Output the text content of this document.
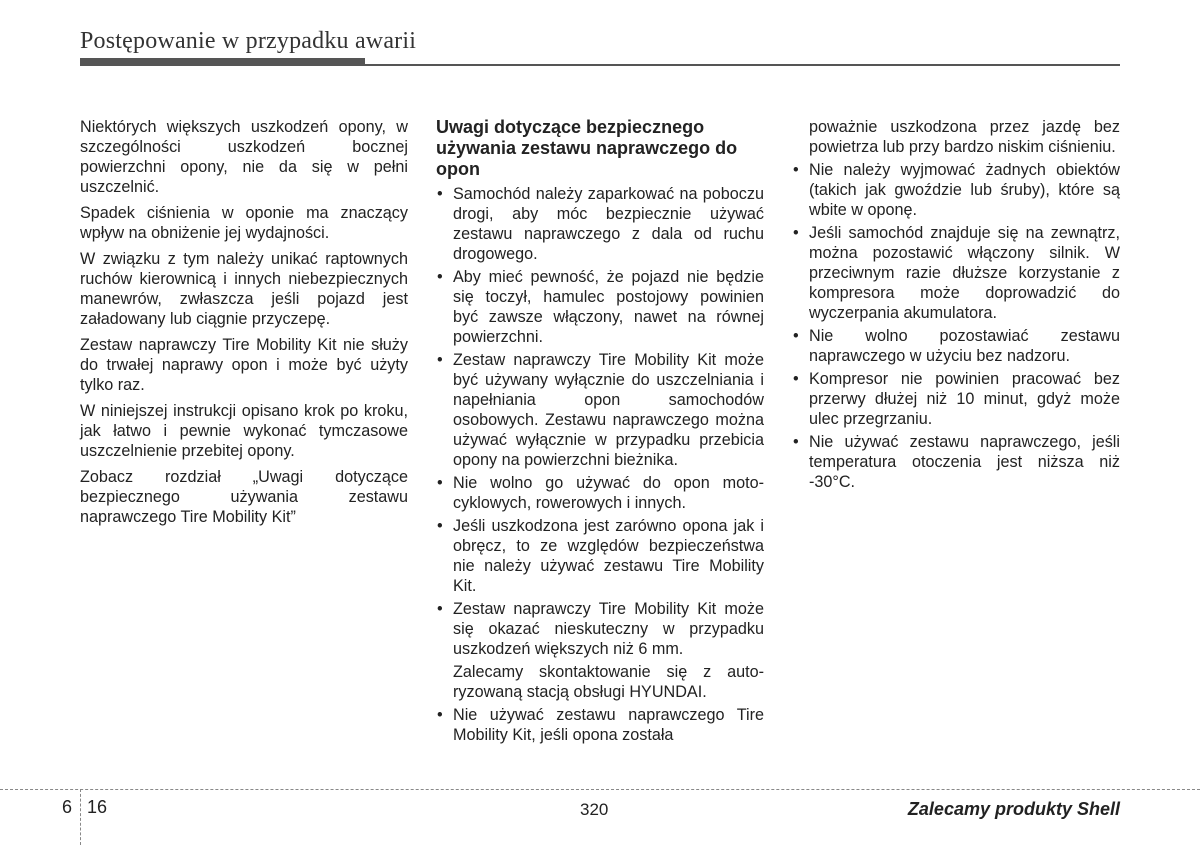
Postępowanie w przypadku awarii

Niektórych większych uszkodzeń opony, w szczególności uszkodzeń bocznej powierzchni opony, nie da się w pełni uszczelnić.

Spadek ciśnienia w oponie ma znaczący wpływ na obniżenie jej wydajności.

W związku z tym należy unikać raptownych ruchów kierownicą i innych niebezpiecznych manewrów, zwłaszcza jeśli pojazd jest załadowany lub ciągnie przyczepę.

Zestaw naprawczy Tire Mobility Kit nie służy do trwałej naprawy opon i może być użyty tylko raz.

W niniejszej instrukcji opisano krok po kroku, jak łatwo i pewnie wykonać tymczasowe uszczelnienie przebitej opony.

Zobacz rozdział „Uwagi dotyczące bezpiecznego używania zestawu naprawczego Tire Mobility Kit”

Uwagi dotyczące bezpiecznego używania zestawu naprawczego do opon
• Samochód należy zaparkować na poboczu drogi, aby móc bezpiecznie używać zestawu naprawczego z dala od ruchu drogowego.
• Aby mieć pewność, że pojazd nie będzie się toczył, hamulec postojowy powinien być zawsze włączony, nawet na równej powierzchni.
• Zestaw naprawczy Tire Mobility Kit może być używany wyłącznie do uszczelniania i napełniania opon samochodów osobowych. Zestawu naprawczego można używać wyłącznie w przypadku przebicia opony na powierzchni bieżnika.
• Nie wolno go używać do opon motocyklowych, rowerowych i innych.
• Jeśli uszkodzona jest zarówno opona jak i obręcz, to ze względów bezpieczeństwa nie należy używać zestawu Tire Mobility Kit.
• Zestaw naprawczy Tire Mobility Kit może się okazać nieskuteczny w przypadku uszkodzeń większych niż 6 mm.
Zalecamy skontaktowanie się z autoryzowaną stacją obsługi HYUNDAI.
• Nie używać zestawu naprawczego Tire Mobility Kit, jeśli opona została
poważnie uszkodzona przez jazdę bez powietrza lub przy bardzo niskim ciśnieniu.
• Nie należy wyjmować żadnych obiektów (takich jak gwoździe lub śruby), które są wbite w oponę.
• Jeśli samochód znajduje się na zewnątrz, można pozostawić włączony silnik. W przeciwnym razie dłuższe korzystanie z kompresora może doprowadzić do wyczerpania akumulatora.
• Nie wolno pozostawiać zestawu naprawczego w użyciu bez nadzoru.
• Kompresor nie powinien pracować bez przerwy dłużej niż 10 minut, gdyż może ulec przegrzaniu.
• Nie używać zestawu naprawczego, jeśli temperatura otoczenia jest niższa niż -30°C.
6 16	320	Zalecamy produkty Shell
